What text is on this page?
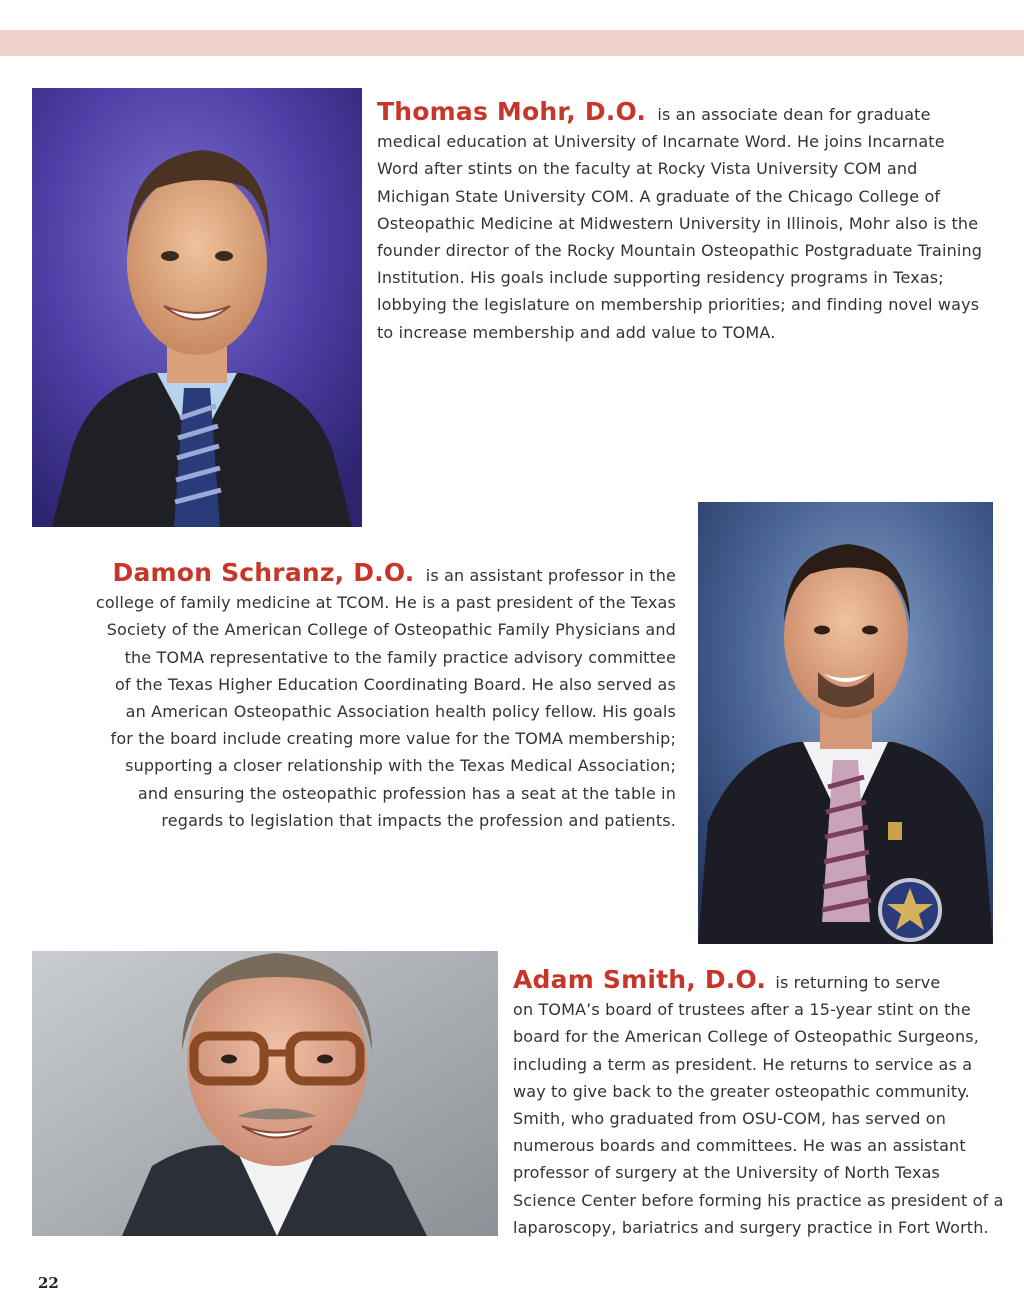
Thomas Mohr, D.O. is an associate dean for graduate
medical education at University of Incarnate Word. He joins Incarnate
Word after stints on the faculty at Rocky Vista University COM and
Michigan State University COM. A graduate of the Chicago College of
Osteopathic Medicine at Midwestern University in Illinois, Mohr also is the
founder director of the Rocky Mountain Osteopathic Postgraduate Training
Institution. His goals include supporting residency programs in Texas;
lobbying the legislature on membership priorities; and finding novel ways
to increase membership and add value to TOMA.
Damon Schranz, D.O. is an assistant professor in the
college of family medicine at TCOM. He is a past president of the Texas
Society of the American College of Osteopathic Family Physicians and
the TOMA representative to the family practice advisory committee
of the Texas Higher Education Coordinating Board. He also served as
an American Osteopathic Association health policy fellow. His goals
for the board include creating more value for the TOMA membership;
supporting a closer relationship with the Texas Medical Association;
and ensuring the osteopathic profession has a seat at the table in
regards to legislation that impacts the profession and patients.
Adam Smith, D.O. is returning to serve
on TOMA’s board of trustees after a 15-year stint on the
board for the American College of Osteopathic Surgeons,
including a term as president. He returns to service as a
way to give back to the greater osteopathic community.
Smith, who graduated from OSU-COM, has served on
numerous boards and committees. He was an assistant
professor of surgery at the University of North Texas
Science Center before forming his practice as president of a
laparoscopy, bariatrics and surgery practice in Fort Worth.
22
